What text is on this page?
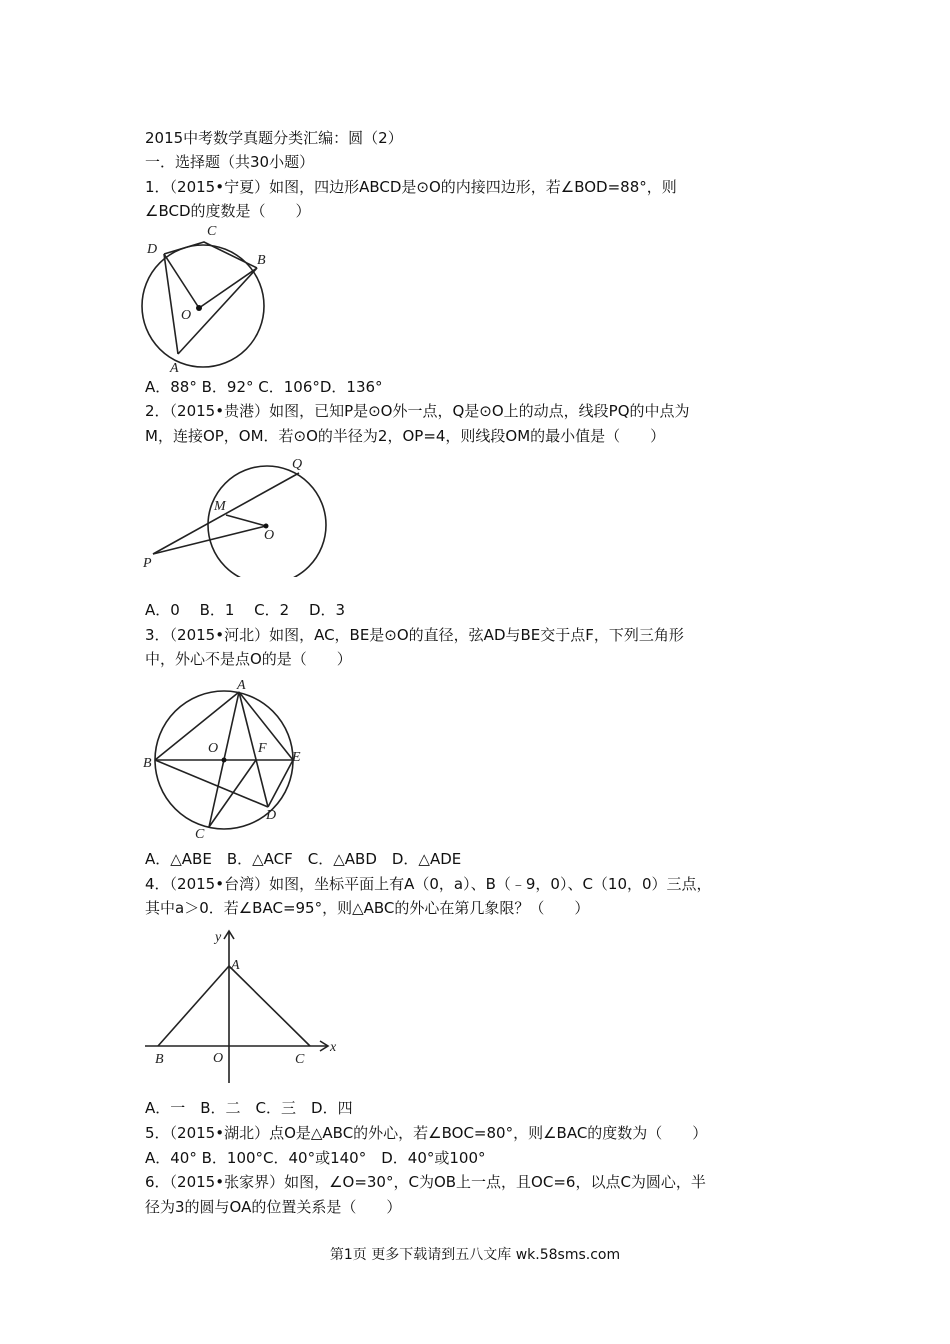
2015中考数学真题分类汇编：圆（2）
一．选择题（共30小题）
1．（2015•宁夏）如图，四边形ABCD是⊙O的内接四边形，若∠BOD=88°，则
∠BCD的度数是（　　）
D
C
B
O
A
A．88° B．92° C．106°D．136°
2．（2015•贵港）如图，已知P是⊙O外一点，Q是⊙O上的动点，线段PQ的中点为
M，连接OP，OM．若⊙O的半径为2，OP=4，则线段OM的最小值是（　　）
Q
M
O
P
A．0　 B．1　 C．2　 D．3
3．（2015•河北）如图，AC，BE是⊙O的直径，弦AD与BE交于点F，下列三角形
中，外心不是点O的是（　　）
A
O	F
B	E
D
C
A．△ABE　B．△ACF　C．△ABD　D．△ADE
4．（2015•台湾）如图，坐标平面上有A（0，a）、B（﹣9，0）、C（10，0）三点，
其中a＞0．若∠BAC=95°，则△ABC的外心在第几象限？（　　）
y
A
x
B	O	C
A．一　B．二　C．三　D．四
5．（2015•湖北）点O是△ABC的外心，若∠BOC=80°，则∠BAC的度数为（　　）
A．40° B．100°C．40°或140°　D．40°或100°
6．（2015•张家界）如图，∠O=30°，C为OB上一点，且OC=6，以点C为圆心，半
径为3的圆与OA的位置关系是（　　）
第1页 更多下载请到五八文库 wk.58sms.com
